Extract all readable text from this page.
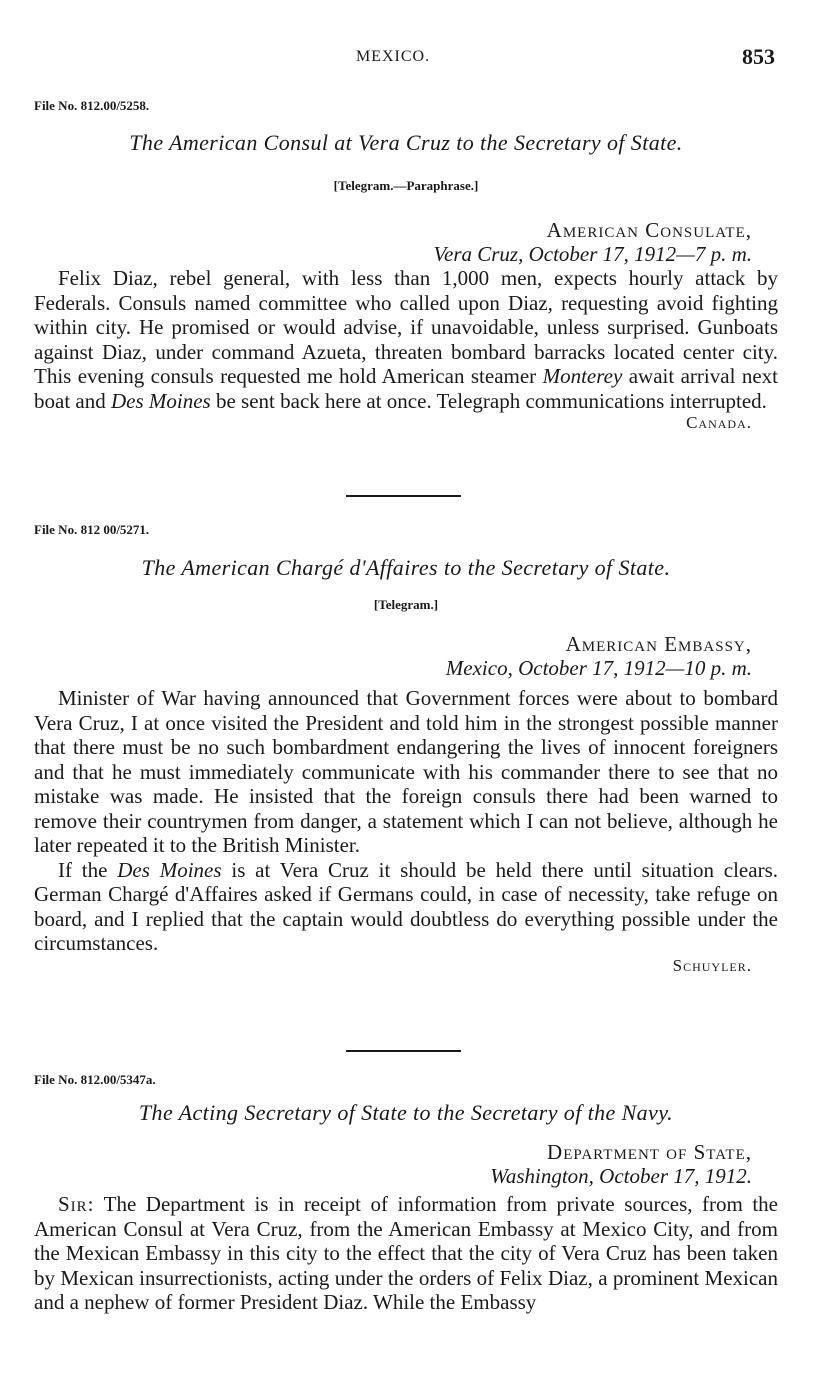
MEXICO.	853

File No. 812.00/5258.

The American Consul at Vera Cruz to the Secretary of State.

[Telegram.—Paraphrase.]

American Consulate,
Vera Cruz, October 17, 1912—7 p. m.

Felix Diaz, rebel general, with less than 1,000 men, expects hourly attack by Federals. Consuls named committee who called upon Diaz, requesting avoid fighting within city. He promised or would advise, if unavoidable, unless surprised. Gunboats against Diaz, under command Azueta, threaten bombard barracks located center city. This evening consuls requested me hold American steamer Monterey await arrival next boat and Des Moines be sent back here at once. Telegraph communications interrupted.

Canada.

File No. 812 00/5271.

The American Chargé d'Affaires to the Secretary of State.

[Telegram.]

American Embassy,
Mexico, October 17, 1912—10 p. m.

Minister of War having announced that Government forces were about to bombard Vera Cruz, I at once visited the President and told him in the strongest possible manner that there must be no such bombardment endangering the lives of innocent foreigners and that he must immediately communicate with his commander there to see that no mistake was made. He insisted that the foreign consuls there had been warned to remove their countrymen from danger, a statement which I can not believe, although he later repeated it to the British Minister.

If the Des Moines is at Vera Cruz it should be held there until situation clears. German Chargé d'Affaires asked if Germans could, in case of necessity, take refuge on board, and I replied that the captain would doubtless do everything possible under the circumstances.

Schuyler.

File No. 812.00/5347a.

The Acting Secretary of State to the Secretary of the Navy.

Department of State,
Washington, October 17, 1912.

Sir: The Department is in receipt of information from private sources, from the American Consul at Vera Cruz, from the American Embassy at Mexico City, and from the Mexican Embassy in this city to the effect that the city of Vera Cruz has been taken by Mexican insurrectionists, acting under the orders of Felix Diaz, a prominent Mexican and a nephew of former President Diaz. While the Embassy
